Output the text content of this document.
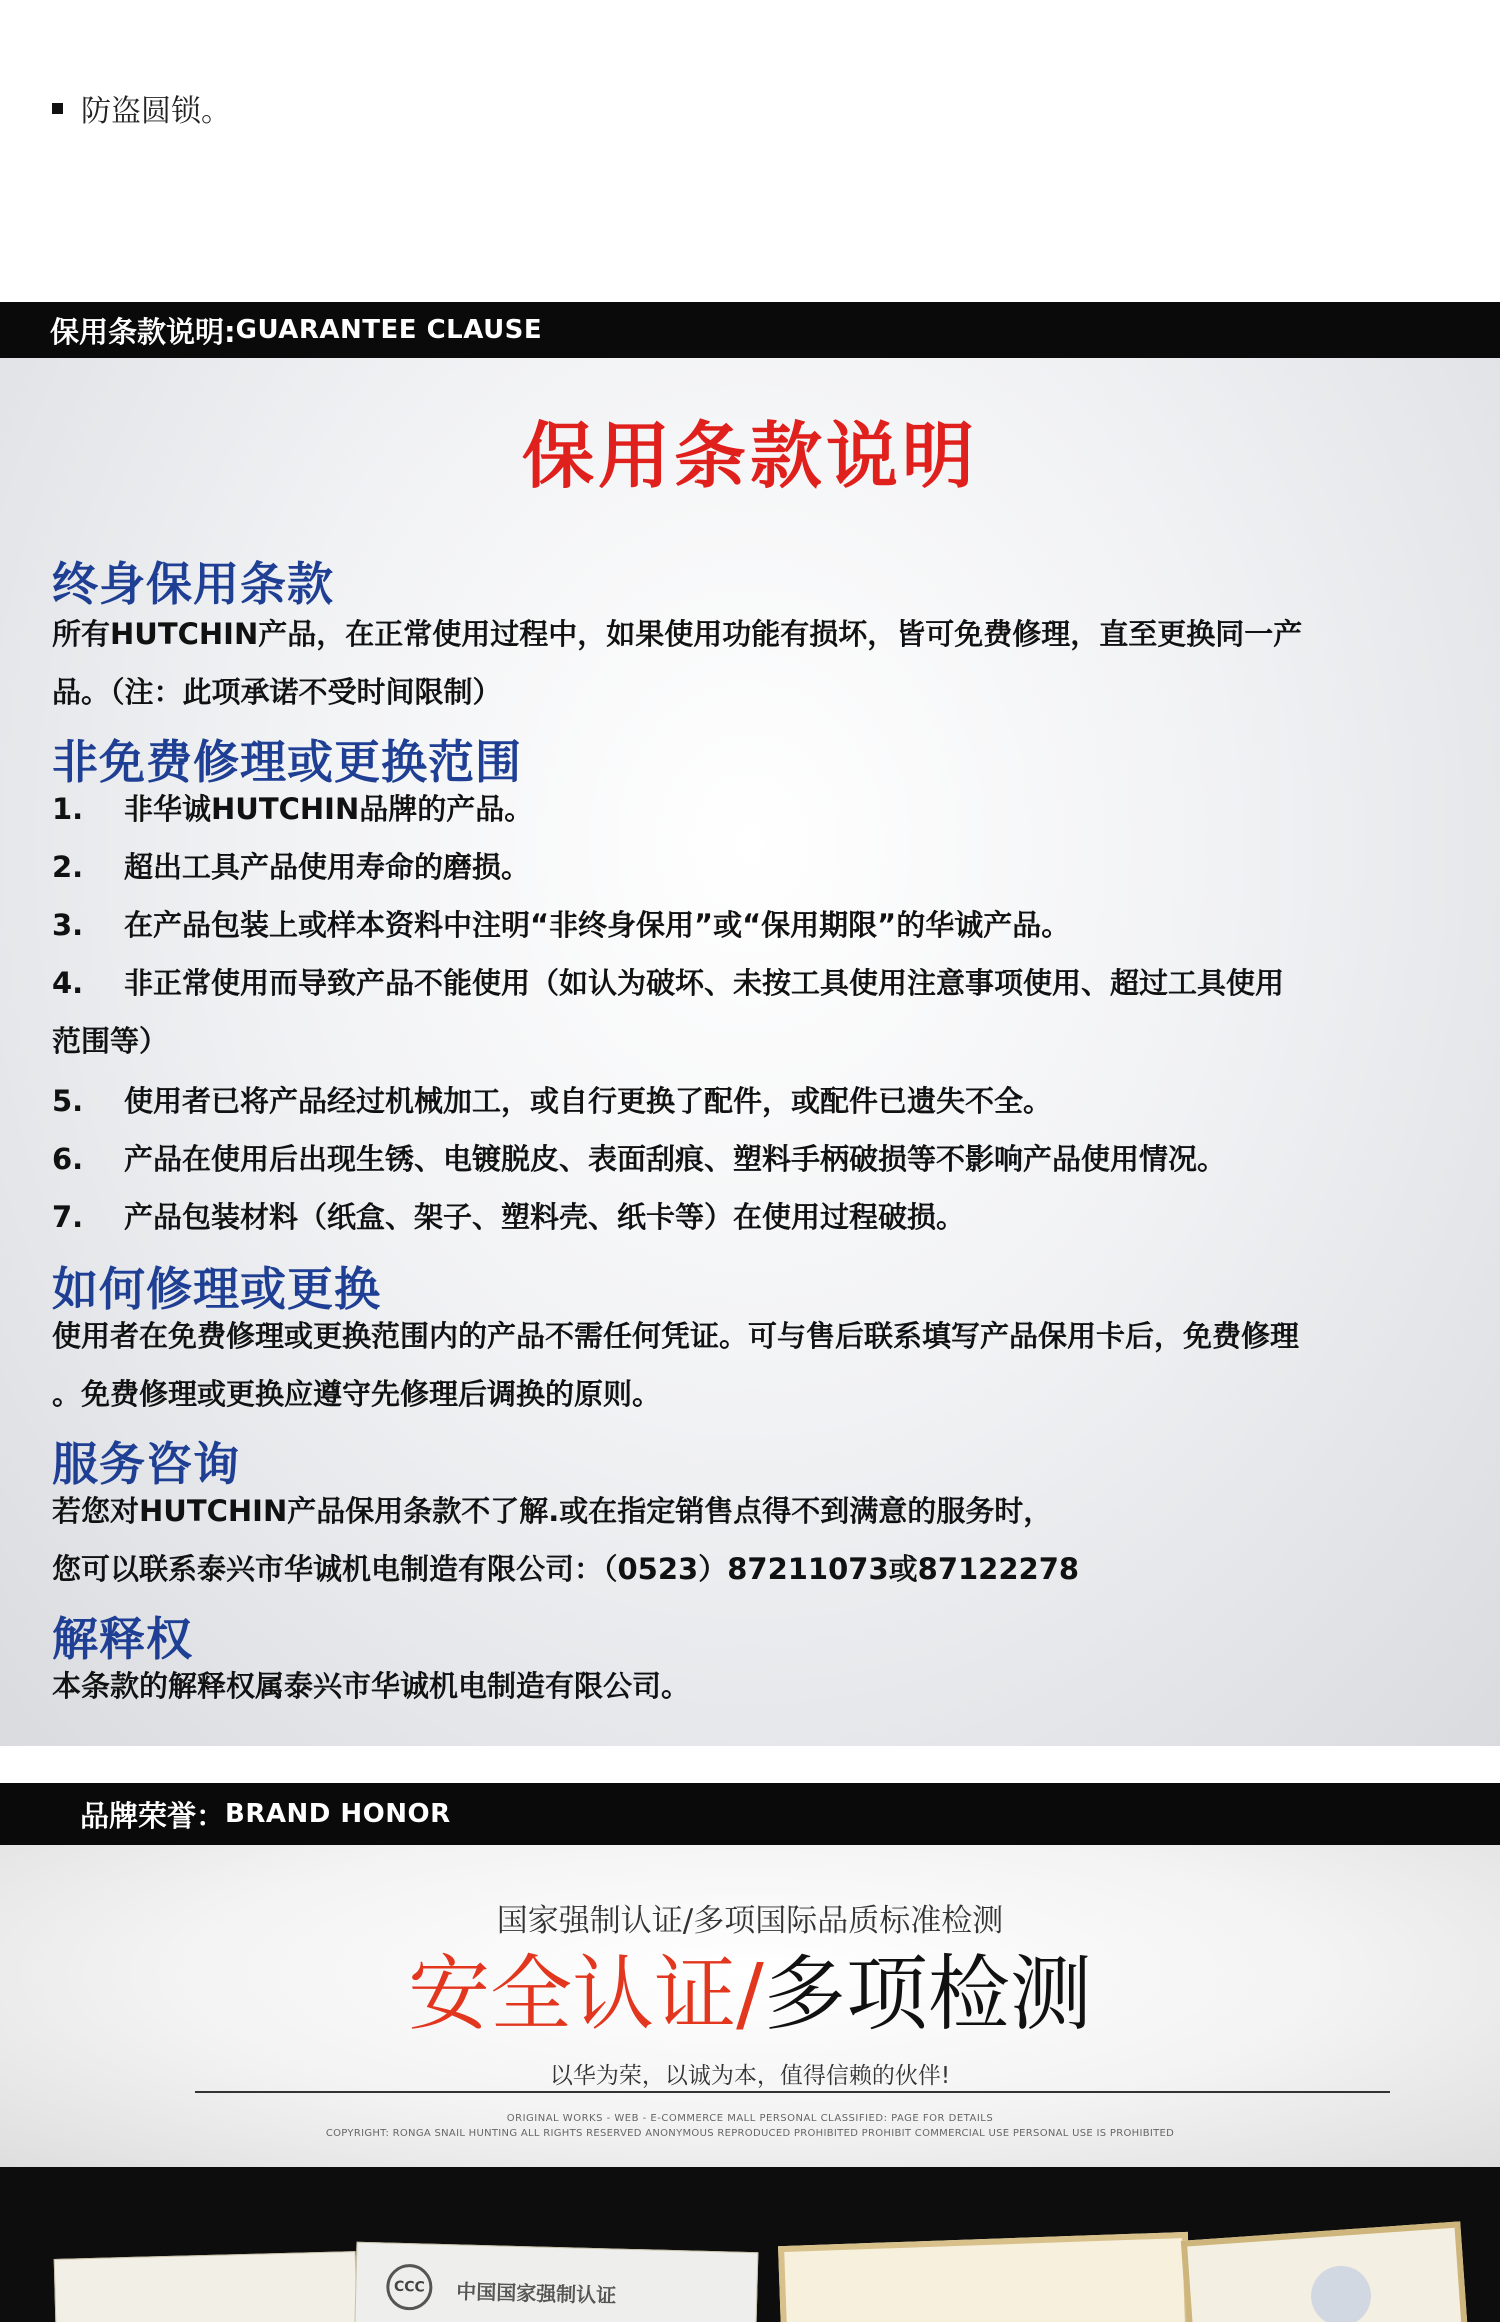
防盗圆锁。
保用条款说明: GUARANTEE CLAUSE
保用条款说明
终身保用条款
所有HUTCHIN产品，在正常使用过程中，如果使用功能有损坏，皆可免费修理，直至更换同一产
品。（注：此项承诺不受时间限制）
非免费修理或更换范围
1. 非华诚HUTCHIN品牌的产品。
2. 超出工具产品使用寿命的磨损。
3. 在产品包装上或样本资料中注明“非终身保用”或“保用期限”的华诚产品。
4. 非正常使用而导致产品不能使用（如认为破坏、未按工具使用注意事项使用、超过工具使用
范围等）
5. 使用者已将产品经过机械加工，或自行更换了配件，或配件已遗失不全。
6. 产品在使用后出现生锈、电镀脱皮、表面刮痕、塑料手柄破损等不影响产品使用情况。
7. 产品包装材料（纸盒、架子、塑料壳、纸卡等）在使用过程破损。
如何修理或更换
使用者在免费修理或更换范围内的产品不需任何凭证。可与售后联系填写产品保用卡后，免费修理
。免费修理或更换应遵守先修理后调换的原则。
服务咨询
若您对HUTCHIN产品保用条款不了解.或在指定销售点得不到满意的服务时，
您可以联系泰兴市华诚机电制造有限公司：（0523）87211073或87122278
解释权
本条款的解释权属泰兴市华诚机电制造有限公司。
品牌荣誉： BRAND HONOR
国家强制认证/多项国际品质标准检测
安全认证/多项检测
以华为荣，以诚为本，值得信赖的伙伴!
ORIGINAL WORKS - WEB - E-COMMERCE MALL PERSONAL CLASSIFIED: PAGE FOR DETAILS
COPYRIGHT: RONGA SNAIL HUNTING ALL RIGHTS RESERVED ANONYMOUS REPRODUCED PROHIBITED PROHIBIT COMMERCIAL USE PERSONAL USE IS PROHIBITED
CCC	中国国家强制认证
